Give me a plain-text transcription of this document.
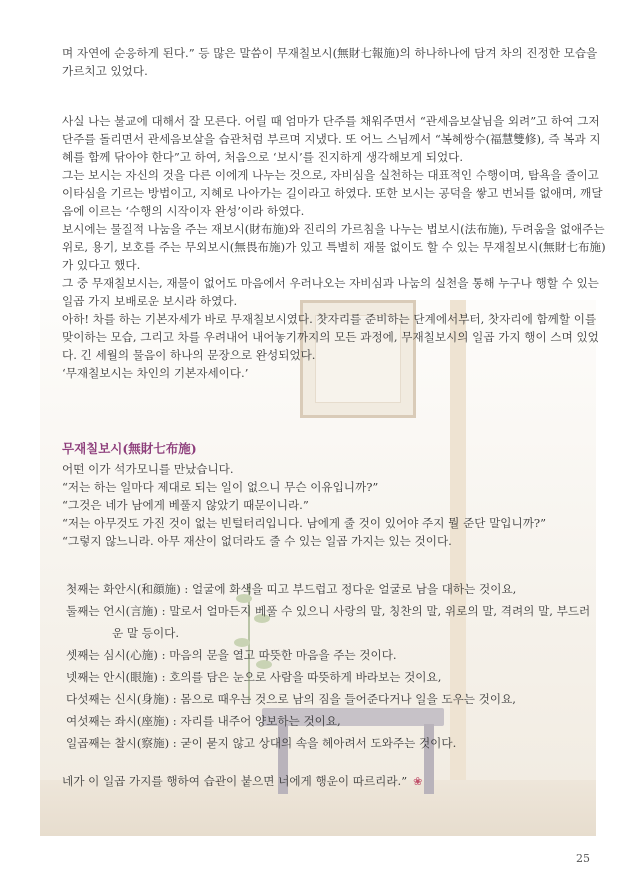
며 자연에 순응하게 된다.” 등 많은 말씀이 무재칠보시(無財七報施)의 하나하나에 담겨 차의 진정한 모습을
가르치고 있었다.
사실 나는 불교에 대해서 잘 모른다. 어릴 때 엄마가 단주를 채워주면서 “관세음보살님을 외려”고 하여 그저
단주를 돌리면서 관세음보살을 습관처럼 부르며 지냈다. 또 어느 스님께서 “복혜쌍수(福慧雙修), 즉 복과 지
혜를 함께 닦아야 한다”고 하여, 처음으로 ‘보시’를 진지하게 생각해보게 되었다.
그는 보시는 자신의 것을 다른 이에게 나누는 것으로, 자비심을 실천하는 대표적인 수행이며, 탐욕을 줄이고
이타심을 기르는 방법이고, 지혜로 나아가는 길이라고 하였다. 또한 보시는 공덕을 쌓고 번뇌를 없애며, 깨달
음에 이르는 ‘수행의 시작이자 완성’이라 하였다.
보시에는 물질적 나눔을 주는 재보시(財布施)와 진리의 가르침을 나누는 법보시(法布施), 두려움을 없애주는
위로, 용기, 보호를 주는 무외보시(無畏布施)가 있고 특별히 재물 없이도 할 수 있는 무재칠보시(無財七布施)
가 있다고 했다.
그 중 무재칠보시는, 재물이 없어도 마음에서 우러나오는 자비심과 나눔의 실천을 통해 누구나 행할 수 있는
일곱 가지 보배로운 보시라 하였다.
아하! 차를 하는 기본자세가 바로 무재칠보시였다. 찻자리를 준비하는 단계에서부터, 찻자리에 함께할 이를
맞이하는 모습, 그리고 차를 우려내어 내어놓기까지의 모든 과정에, 무재칠보시의 일곱 가지 행이 스며 있었
다. 긴 세월의 물음이 하나의 문장으로 완성되었다.
‘무재칠보시는 차인의 기본자세이다.’
무재칠보시(無財七布施)
어떤 이가 석가모니를 만났습니다.
“저는 하는 일마다 제대로 되는 일이 없으니 무슨 이유입니까?”
“그것은 네가 남에게 베풀지 않았기 때문이니라.”
“저는 아무것도 가진 것이 없는 빈털터리입니다. 남에게 줄 것이 있어야 주지 뭘 준단 말입니까?”
“그렇지 않느니라. 아무 재산이 없더라도 줄 수 있는 일곱 가지는 있는 것이다.
첫째는 화안시(和顔施) : 얼굴에 화색을 띠고 부드럽고 정다운 얼굴로 남을 대하는 것이요,
둘째는 언시(言施) : 말로서 얼마든지 베풀 수 있으니 사랑의 말, 칭찬의 말, 위로의 말, 격려의 말, 부드러
운 말 등이다.
셋째는 심시(心施) : 마음의 문을 열고 따뜻한 마음을 주는 것이다.
넷째는 안시(眼施) : 호의를 담은 눈으로 사람을 따뜻하게 바라보는 것이요,
다섯째는 신시(身施) : 몸으로 때우는 것으로 남의 짐을 들어준다거나 일을 도우는 것이요,
여섯째는 좌시(座施) : 자리를 내주어 양보하는 것이요,
일곱째는 찰시(察施) : 굳이 묻지 않고 상대의 속을 헤아려서 도와주는 것이다.
네가 이 일곱 가지를 행하여 습관이 붙으면 너에게 행운이 따르리라.” ❀
25
